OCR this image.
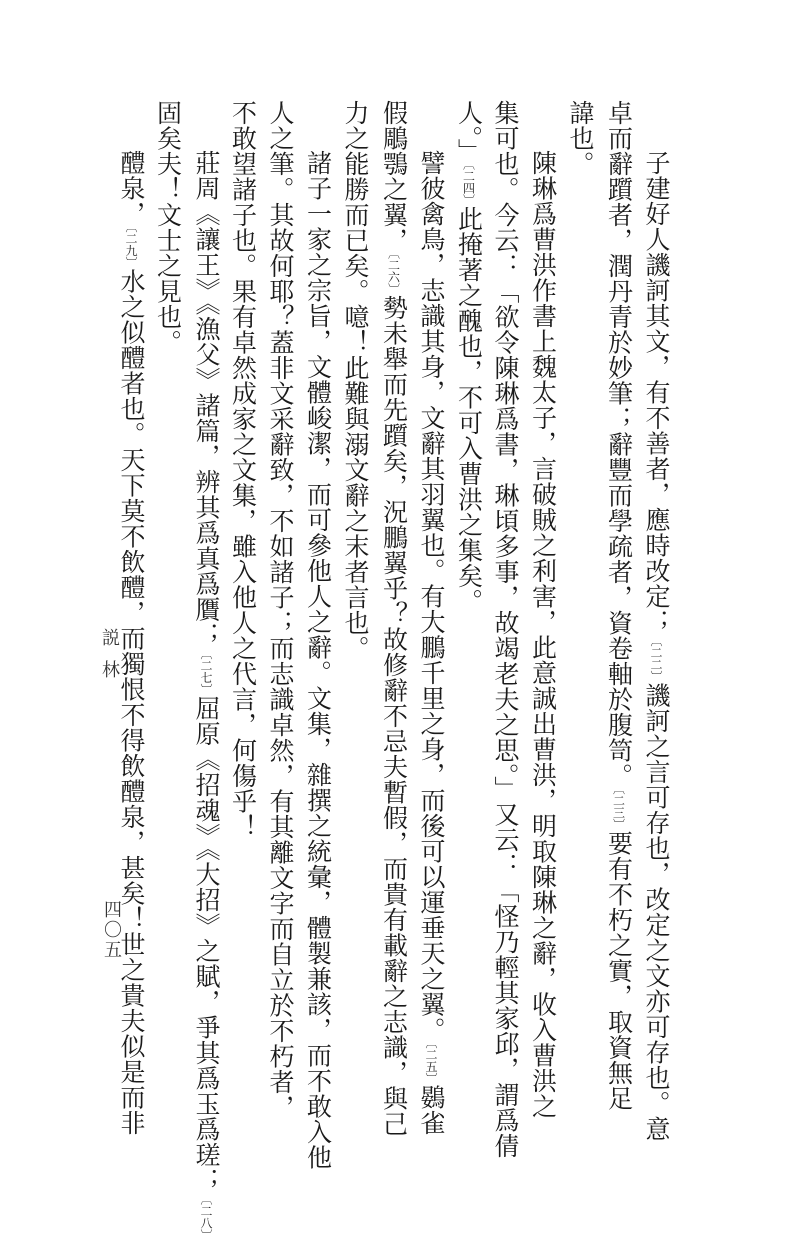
子建好人譏訶其文，有不善者，應時改定；〔二二〕譏訶之言可存也，改定之文亦可存也。意
卓而辭躓者，潤丹青於妙筆；辭豐而學疏者，資卷軸於腹笥。〔二三〕要有不朽之實，取資無足
諱也。
陳琳爲曹洪作書上魏太子，言破賊之利害，此意誠出曹洪，明取陳琳之辭，收入曹洪之
集可也。今云：「欲令陳琳爲書，琳頃多事，故竭老夫之思。」又云：「怪乃輕其家邱，謂爲倩
人。」〔二四〕此掩著之醜也，不可入曹洪之集矣。
譬彼禽鳥，志識其身，文辭其羽翼也。有大鵬千里之身，而後可以運垂天之翼。〔二五〕鷃雀
假鵰鶚之翼，〔二六〕勢未舉而先躓矣，況鵬翼乎？故修辭不忌夫暫假，而貴有載辭之志識，與己
力之能勝而已矣。噫！此難與溺文辭之末者言也。
諸子一家之宗旨，文體峻潔，而可參他人之辭。文集，雜撰之統彙，體製兼該，而不敢入他
人之筆。其故何耶？蓋非文采辭致，不如諸子；而志識卓然，有其離文字而自立於不朽者，
不敢望諸子也。果有卓然成家之文集，雖入他人之代言，何傷乎！
莊周《讓王》《漁父》諸篇，辨其爲真爲贋；〔二七〕屈原《招魂》《大招》之賦，爭其爲玉爲瑳；〔二八〕
固矣夫！文士之見也。
醴泉，〔二九〕水之似醴者也。天下莫不飲醴，而獨恨不得飲醴泉，甚矣！世之貴夫似是而非
説林
四〇五
